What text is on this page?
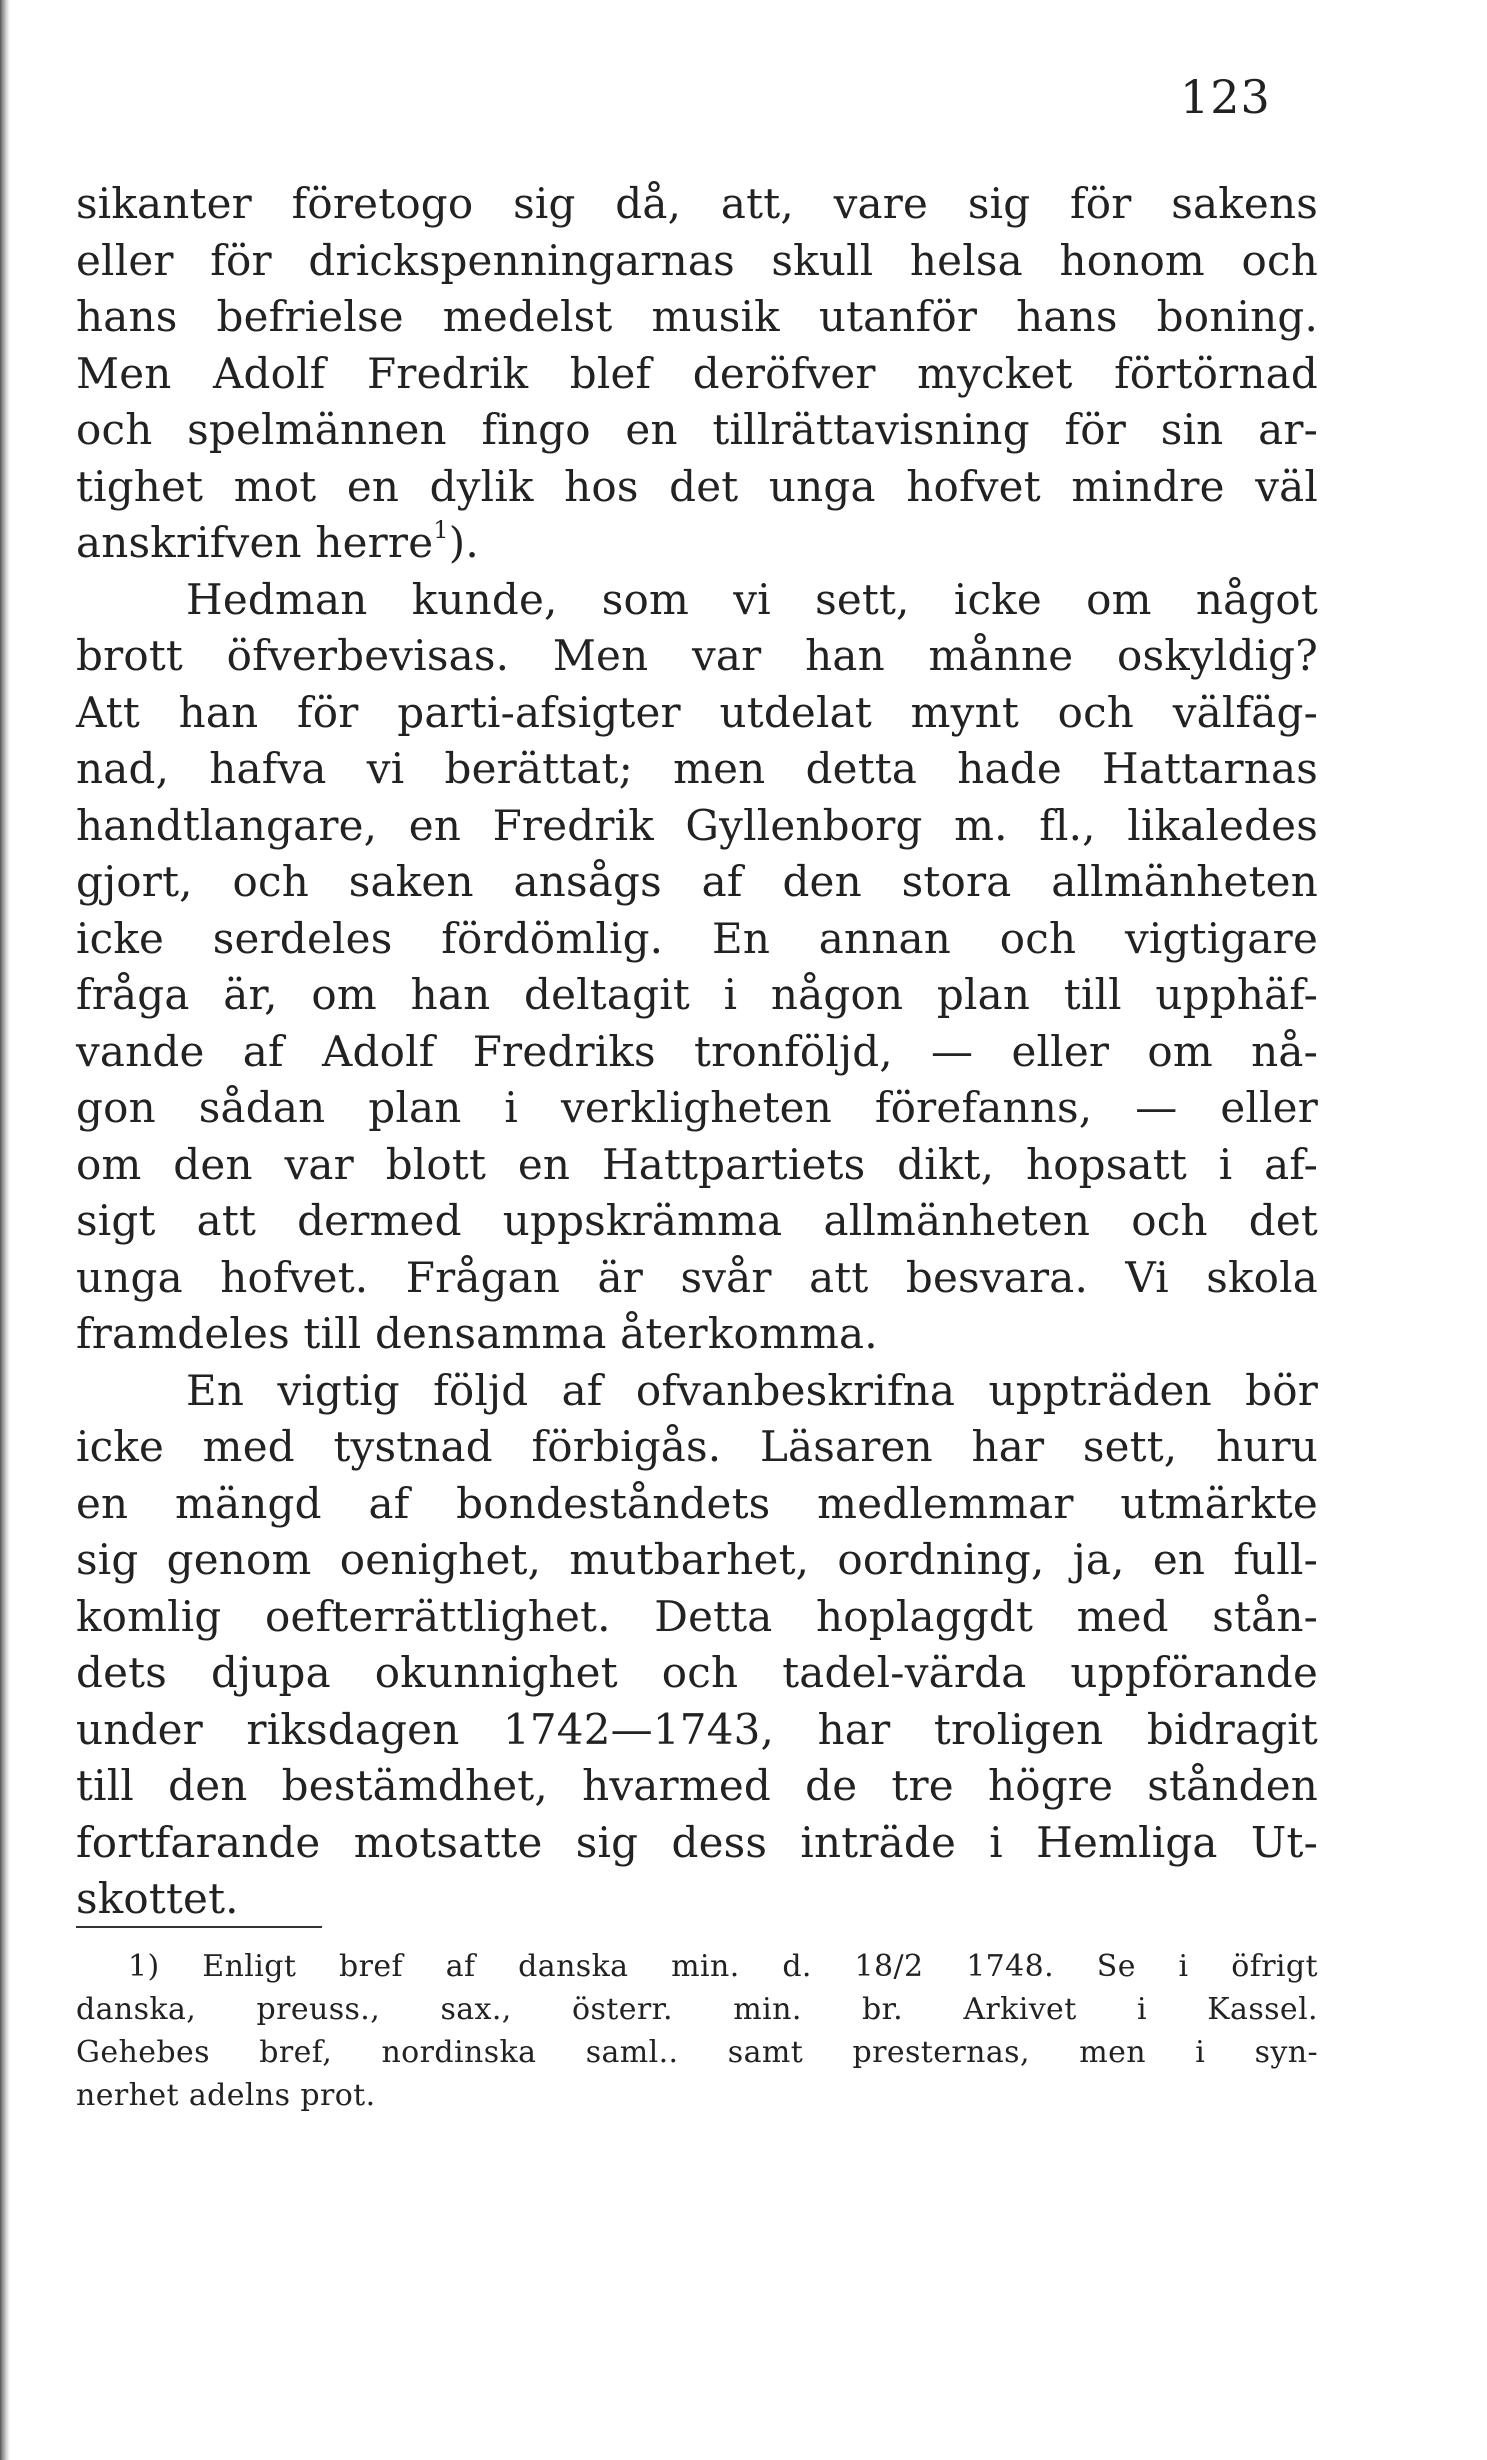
123
sikanter företogo sig då, att, vare sig för sakens
eller för drickspenningarnas skull helsa honom och
hans befrielse medelst musik utanför hans boning.
Men Adolf Fredrik blef deröfver mycket förtörnad
och spelmännen fingo en tillrättavisning för sin ar-
tighet mot en dylik hos det unga hofvet mindre väl
anskrifven herre$^1$).
Hedman kunde, som vi sett, icke om något
brott öfverbevisas. Men var han månne oskyldig?
Att han för parti-afsigter utdelat mynt och välfäg-
nad, hafva vi berättat; men detta hade Hattarnas
handtlangare, en Fredrik Gyllenborg m. fl., likaledes
gjort, och saken ansågs af den stora allmänheten
icke serdeles fördömlig. En annan och vigtigare
fråga är, om han deltagit i någon plan till upphäf-
vande af Adolf Fredriks tronföljd, — eller om nå-
gon sådan plan i verkligheten förefanns, — eller
om den var blott en Hattpartiets dikt, hopsatt i af-
sigt att dermed uppskrämma allmänheten och det
unga hofvet. Frågan är svår att besvara. Vi skola
framdeles till densamma återkomma.
En vigtig följd af ofvanbeskrifna uppträden bör
icke med tystnad förbigås. Läsaren har sett, huru
en mängd af bondeståndets medlemmar utmärkte
sig genom oenighet, mutbarhet, oordning, ja, en full-
komlig oefterrättlighet. Detta hoplaggdt med stån-
dets djupa okunnighet och tadel-värda uppförande
under riksdagen 1742—1743, har troligen bidragit
till den bestämdhet, hvarmed de tre högre stånden
fortfarande motsatte sig dess inträde i Hemliga Ut-
skottet.
1) Enligt bref af danska min. d. 18/2 1748. Se i öfrigt
danska, preuss., sax., österr. min. br. Arkivet i Kassel.
Gehebes bref, nordinska saml.. samt presternas, men i syn-
nerhet adelns prot.
